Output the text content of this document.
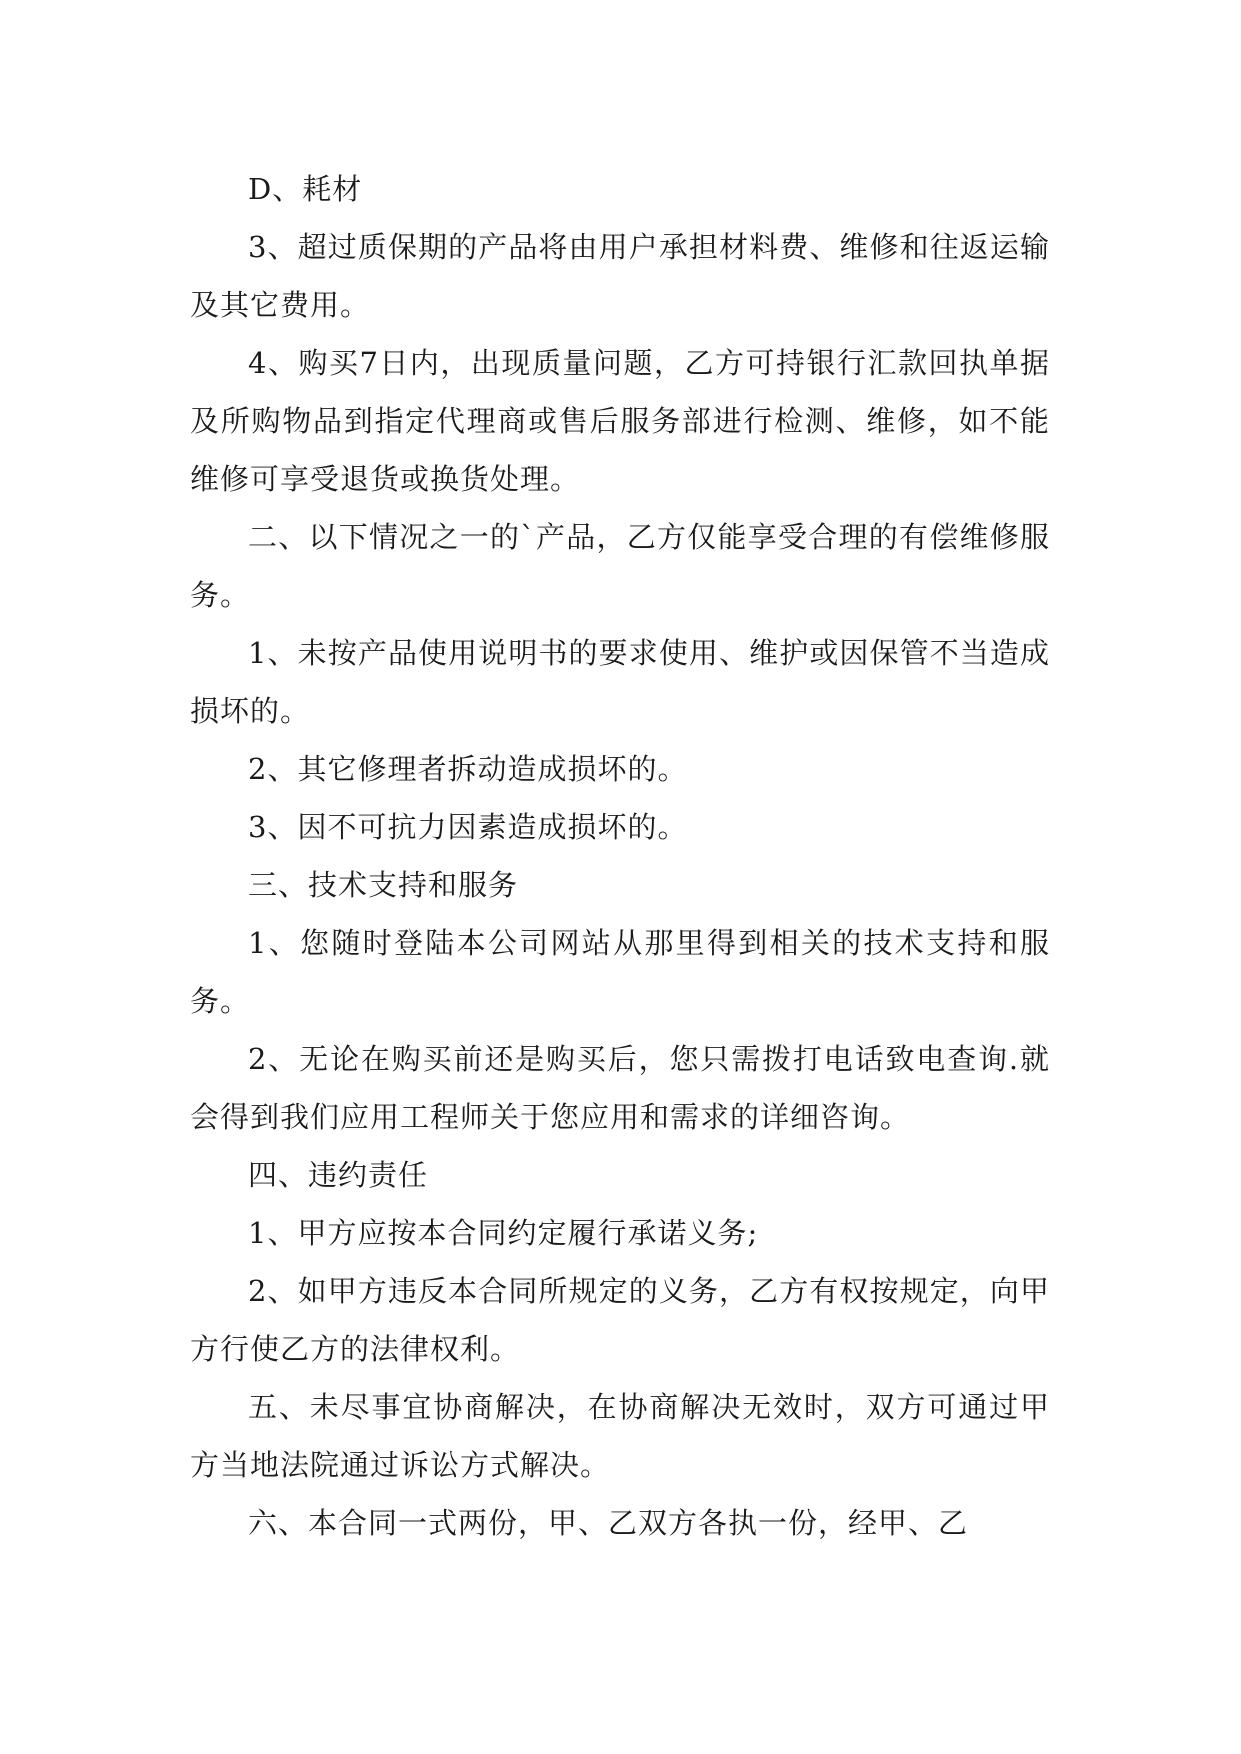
D、耗材

3、超过质保期的产品将由用户承担材料费、维修和往返运输及其它费用。

4、购买7日内，出现质量问题，乙方可持银行汇款回执单据及所购物品到指定代理商或售后服务部进行检测、维修，如不能维修可享受退货或换货处理。

二、以下情况之一的`产品，乙方仅能享受合理的有偿维修服务。

1、未按产品使用说明书的要求使用、维护或因保管不当造成损坏的。

2、其它修理者拆动造成损坏的。

3、因不可抗力因素造成损坏的。

三、技术支持和服务

1、您随时登陆本公司网站从那里得到相关的技术支持和服务。

2、无论在购买前还是购买后，您只需拨打电话致电查询.就会得到我们应用工程师关于您应用和需求的详细咨询。

四、违约责任

1、甲方应按本合同约定履行承诺义务;

2、如甲方违反本合同所规定的义务，乙方有权按规定，向甲方行使乙方的法律权利。

五、未尽事宜协商解决，在协商解决无效时，双方可通过甲方当地法院通过诉讼方式解决。

六、本合同一式两份，甲、乙双方各执一份，经甲、乙
